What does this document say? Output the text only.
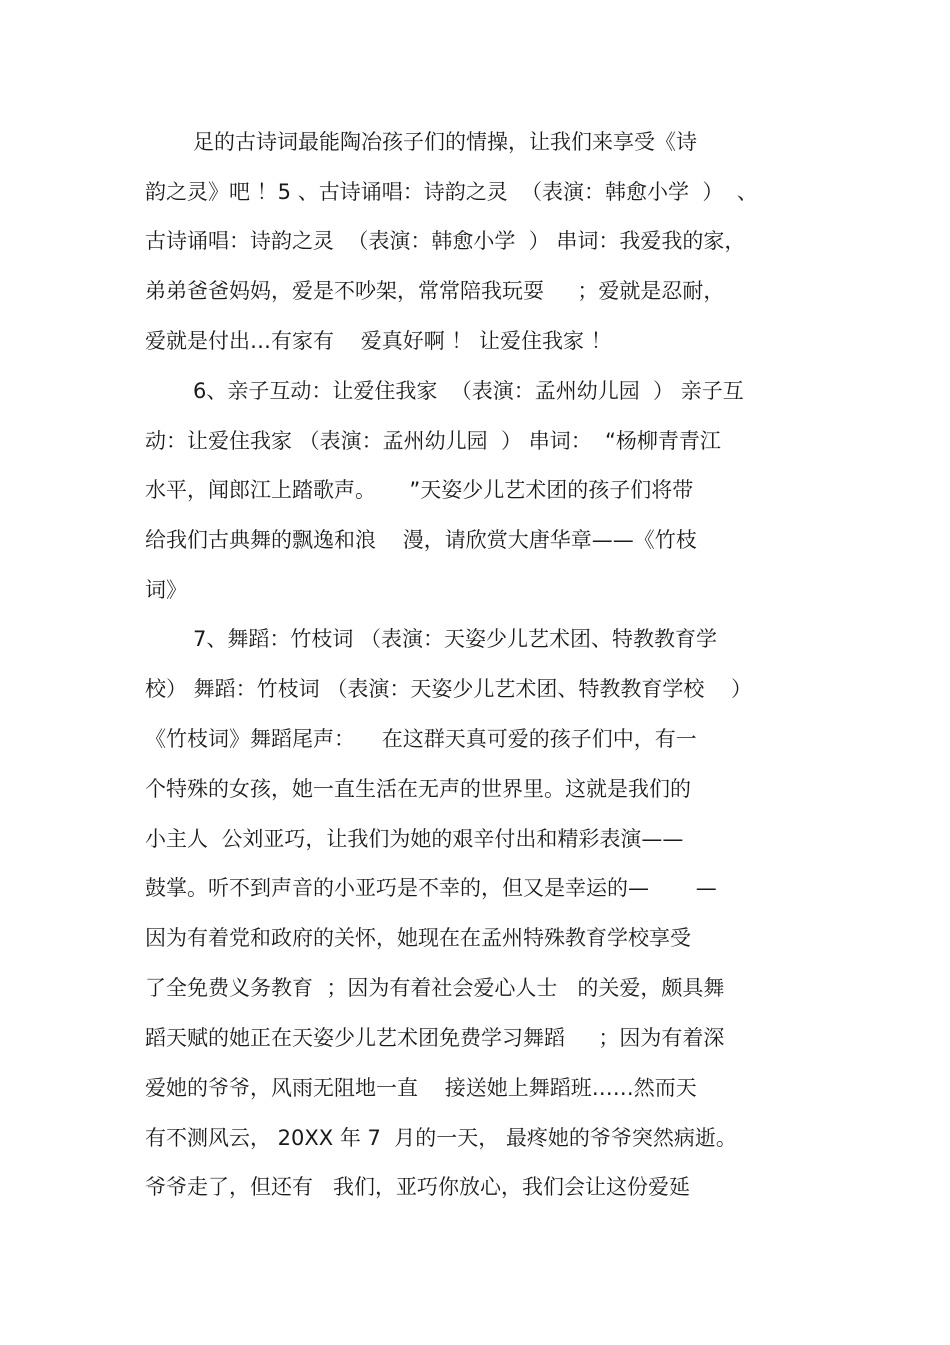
足的古诗词最能陶冶孩子们的情操，让我们来享受《诗
韵之灵》吧 ！5 、古诗诵唱：诗韵之灵  （表演：韩愈小学  ）  、
古诗诵唱：诗韵之灵  （表演：韩愈小学  ） 串词：我爱我的家，
弟弟爸爸妈妈，爱是不吵架，常常陪我玩耍     ；爱就是忍耐，
爱就是付出…有家有    爱真好啊 ！ 让爱住我家 ！
6、亲子互动：让爱住我家  （表演：孟州幼儿园  ） 亲子互
动：让爱住我家 （表演：孟州幼儿园  ） 串词：  “杨柳青青江
水平，闻郎江上踏歌声。     ”天姿少儿艺术团的孩子们将带
给我们古典舞的飘逸和浪    漫，请欣赏大唐华章——《竹枝
词》
7、舞蹈：竹枝词 （表演：天姿少儿艺术团、特教教育学
校） 舞蹈：竹枝词 （表演：天姿少儿艺术团、特教教育学校    ）
《竹枝词》舞蹈尾声：    在这群天真可爱的孩子们中，有一
个特殊的女孩，她一直生活在无声的世界里。这就是我们的
小主人  公刘亚巧，让我们为她的艰辛付出和精彩表演——
鼓掌。听不到声音的小亚巧是不幸的，但又是幸运的—       —
因为有着党和政府的关怀，她现在在孟州特殊教育学校享受
了全免费义务教育  ；因为有着社会爱心人士   的关爱，颇具舞
蹈天赋的她正在天姿少儿艺术团免费学习舞蹈     ；因为有着深
爱她的爷爷，风雨无阻地一直    接送她上舞蹈班……然而天
有不测风云， 20XX 年 7  月的一天， 最疼她的爷爷突然病逝。
爷爷走了，但还有   我们，亚巧你放心，我们会让这份爱延
